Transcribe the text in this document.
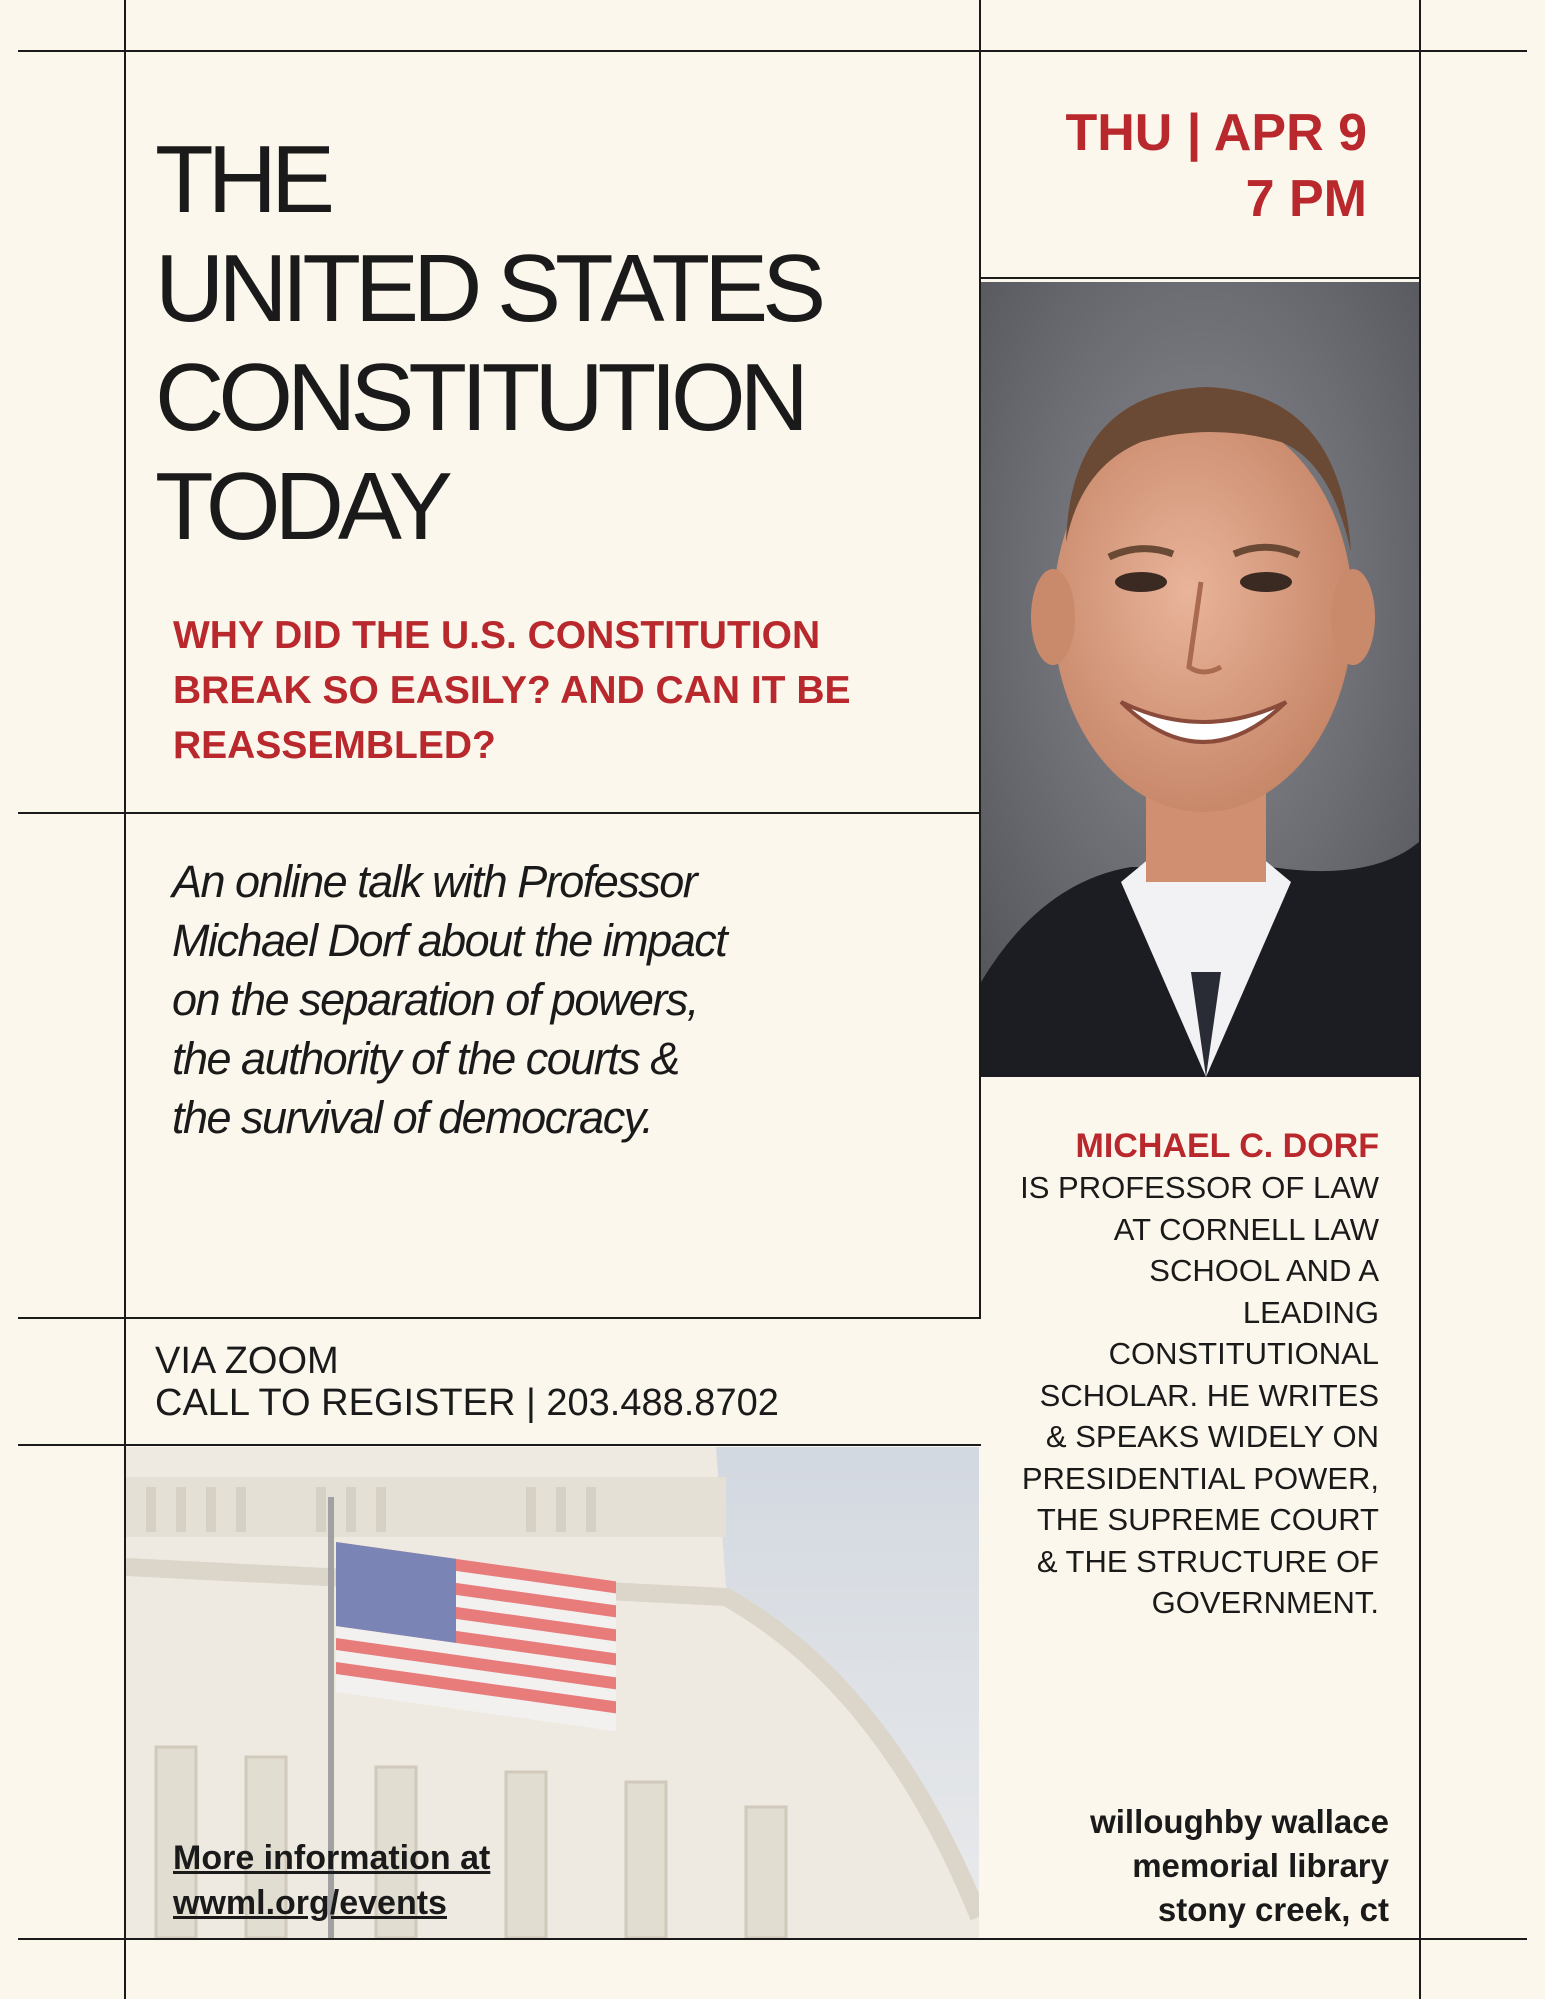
THE
UNITED STATES
CONSTITUTION
TODAY
WHY DID THE U.S. CONSTITUTION BREAK SO EASILY? AND CAN IT BE REASSEMBLED?
THU | APR 9
7 PM
An online talk with Professor Michael Dorf about the impact on the separation of powers, the authority of the courts & the survival of democracy.
VIA ZOOM
CALL TO REGISTER | 203.488.8702
More information at
wwml.org/events
MICHAEL C. DORF
IS PROFESSOR OF LAW AT CORNELL LAW SCHOOL AND A LEADING CONSTITUTIONAL SCHOLAR. HE WRITES & SPEAKS WIDELY ON PRESIDENTIAL POWER, THE SUPREME COURT & THE STRUCTURE OF GOVERNMENT.
willoughby wallace
memorial library
stony creek, ct
